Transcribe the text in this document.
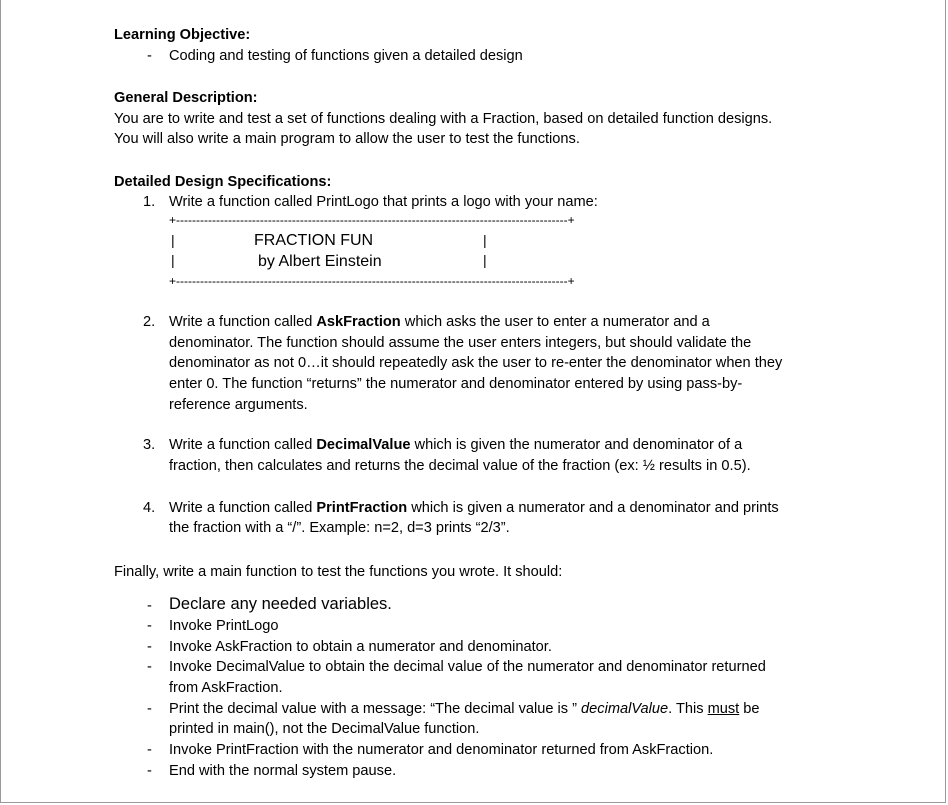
Learning Objective:
- Coding and testing of functions given a detailed design
General Description:
You are to write and test a set of functions dealing with a Fraction, based on detailed function designs.
You will also write a main program to allow the user to test the functions.
Detailed Design Specifications:
1. Write a function called PrintLogo that prints a logo with your name:
+--------------------------------------------------------------------------------------------------+
|
|
|
|
FRACTION FUN
by Albert Einstein
+--------------------------------------------------------------------------------------------------+
2. Write a function called AskFraction which asks the user to enter a numerator and a
denominator. The function should assume the user enters integers, but should validate the
denominator as not 0…it should repeatedly ask the user to re-enter the denominator when they
enter 0. The function “returns” the numerator and denominator entered by using pass-by-
reference arguments.
3. Write a function called DecimalValue which is given the numerator and denominator of a
fraction, then calculates and returns the decimal value of the fraction (ex: ½ results in 0.5).
4. Write a function called PrintFraction which is given a numerator and a denominator and prints
the fraction with a “/”. Example: n=2, d=3 prints “2/3”.
Finally, write a main function to test the functions you wrote. It should:
- Declare any needed variables.
- Invoke PrintLogo
- Invoke AskFraction to obtain a numerator and denominator.
- Invoke DecimalValue to obtain the decimal value of the numerator and denominator returned
from AskFraction.
- Print the decimal value with a message: “The decimal value is ” decimalValue. This must be
printed in main(), not the DecimalValue function.
- Invoke PrintFraction with the numerator and denominator returned from AskFraction.
- End with the normal system pause.
